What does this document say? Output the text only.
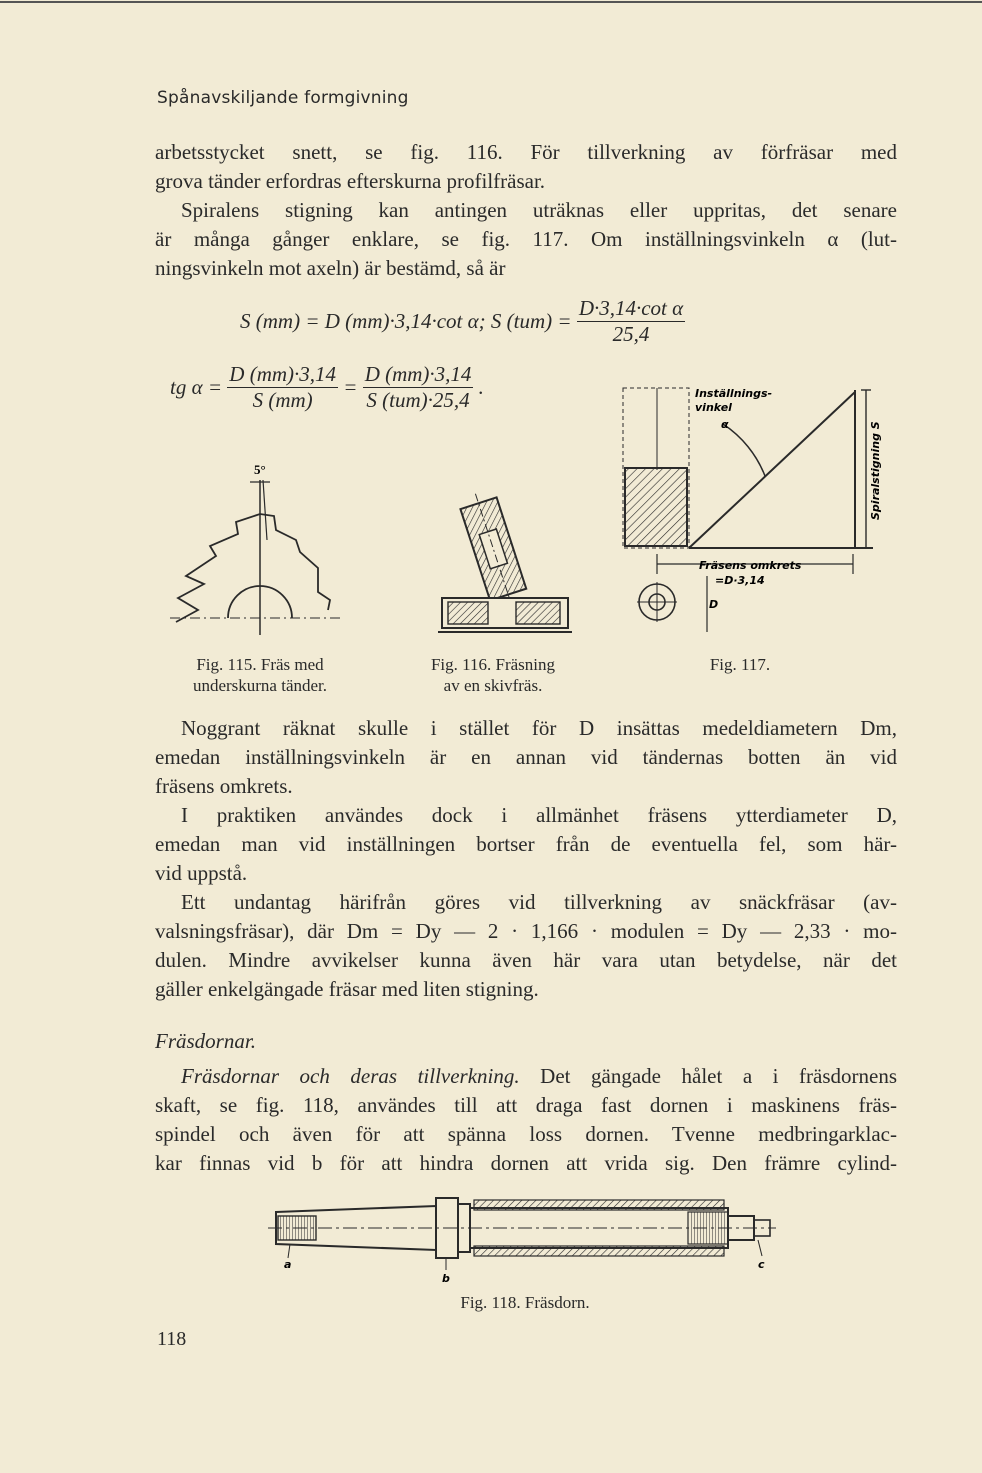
Spånavskiljande formgivning
arbetsstycket snett, se fig. 116. För tillverkning av förfräsar med
grova tänder erfordras efterskurna profilfräsar.
Spiralens stigning kan antingen uträknas eller uppritas, det senare
är många gånger enklare, se fig. 117. Om inställningsvinkeln α (lut-
ningsvinkeln mot axeln) är bestämd, så är
S (mm) = D (mm)·3,14·cot α; S $(tum) = \frac{\text{D·3,14·cot α}}{25,4}$
tg $\alpha = \frac{D (mm)\cdot 3,14}{S (mm)} = \frac{D (mm)\cdot 3,14}{\text{S (tum)·25,4}}$ .
5°
Fig. 115. Fräs med
underskurna tänder.
Fig. 116. Fräsning
av en skivfräs.
Inställnings-
vinkel
α	Spiralstigning S
Fräsens omkrets
=D·3,14
D
Fig. 117.
Noggrant räknat skulle i stället för D insättas medeldiametern Dm,
emedan inställningsvinkeln är en annan vid tändernas botten än vid
fräsens omkrets.
I praktiken användes dock i allmänhet fräsens ytterdiameter D,
emedan man vid inställningen bortser från de eventuella fel, som här-
vid uppstå.
Ett undantag härifrån göres vid tillverkning av snäckfräsar (av-
valsningsfräsar), där Dm = Dy — 2 · 1,166 · modulen = Dy — 2,33 · mo-
dulen. Mindre avvikelser kunna även här vara utan betydelse, när det
gäller enkelgängade fräsar med liten stigning.
Fräsdornar.
Fräsdornar och deras tillverkning. Det gängade hålet a i fräsdornens
skaft, se fig. 118, användes till att draga fast dornen i maskinens fräs-
spindel och även för att spänna loss dornen. Tvenne medbringarklac-
kar finnas vid b för att hindra dornen att vrida sig. Den främre cylind-
a
b
c
Fig. 118. Fräsdorn.
118
